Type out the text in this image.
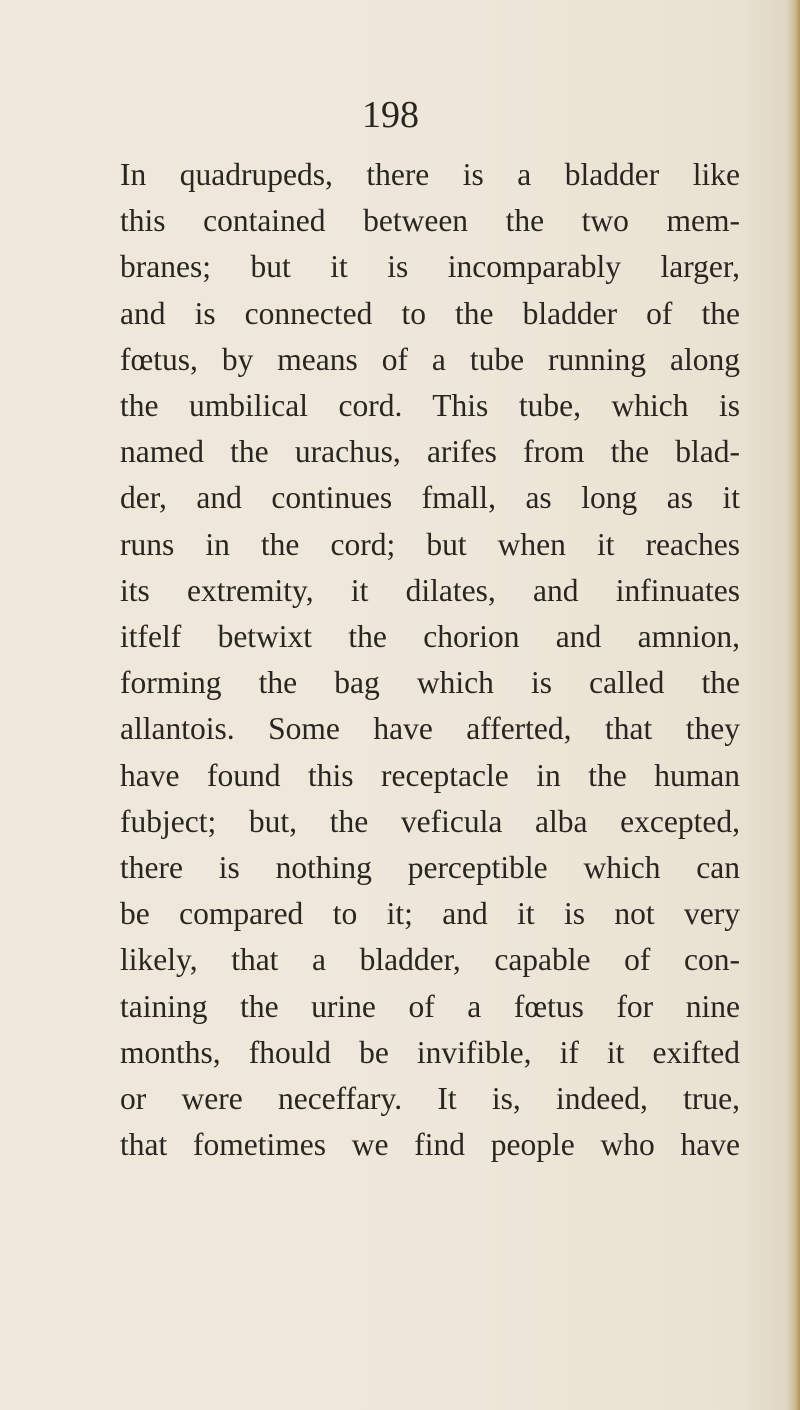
198
In quadrupeds, there is a bladder like
this contained between the two mem-
branes; but it is incomparably larger,
and is connected to the bladder of the
fœtus, by means of a tube running along
the umbilical cord. This tube, which is
named the urachus, arifes from the blad-
der, and continues fmall, as long as it
runs in the cord; but when it reaches
its extremity, it dilates, and infinuates
itfelf betwixt the chorion and amnion,
forming the bag which is called the
allantois. Some have afferted, that they
have found this receptacle in the human
fubject; but, the veficula alba excepted,
there is nothing perceptible which can
be compared to it; and it is not very
likely, that a bladder, capable of con-
taining the urine of a fœtus for nine
months, fhould be invifible, if it exifted
or were neceffary. It is, indeed, true,
that fometimes we find people who have
